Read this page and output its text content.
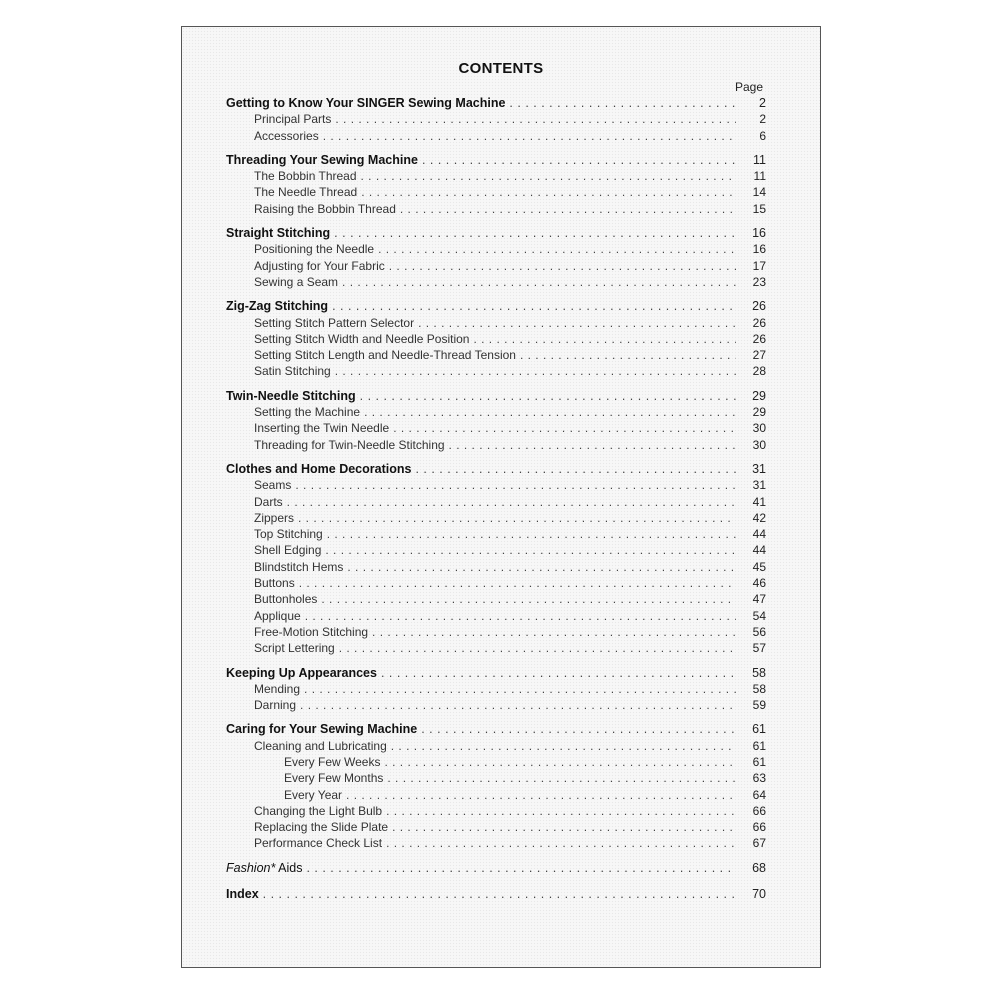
CONTENTS
Page
Getting to Know Your SINGER Sewing Machine . . .	2
Principal Parts . . .	2
Accessories . . .	6
Threading Your Sewing Machine . . .	11
The Bobbin Thread . . .	11
The Needle Thread . . .	14
Raising the Bobbin Thread . . .	15
Straight Stitching . . .	16
Positioning the Needle . . .	16
Adjusting for Your Fabric . . .	17
Sewing a Seam . . .	23
Zig-Zag Stitching . . .	26
Setting Stitch Pattern Selector . . .	26
Setting Stitch Width and Needle Position . . .	26
Setting Stitch Length and Needle-Thread Tension . . .	27
Satin Stitching . . .	28
Twin-Needle Stitching . . .	29
Setting the Machine . . .	29
Inserting the Twin Needle . . .	30
Threading for Twin-Needle Stitching . . .	30
Clothes and Home Decorations . . .	31
Seams . . .	31
Darts . . .	41
Zippers . . .	42
Top Stitching . . .	44
Shell Edging . . .	44
Blindstitch Hems . . .	45
Buttons . . .	46
Buttonholes . . .	47
Applique . . .	54
Free-Motion Stitching . . .	56
Script Lettering . . .	57
Keeping Up Appearances . . .	58
Mending . . .	58
Darning . . .	59
Caring for Your Sewing Machine . . .	61
Cleaning and Lubricating . . .	61
Every Few Weeks . . .	61
Every Few Months . . .	63
Every Year . . .	64
Changing the Light Bulb . . .	66
Replacing the Slide Plate . . .	66
Performance Check List . . .	67
Fashion* Aids . . .	68
Index . . .	70
